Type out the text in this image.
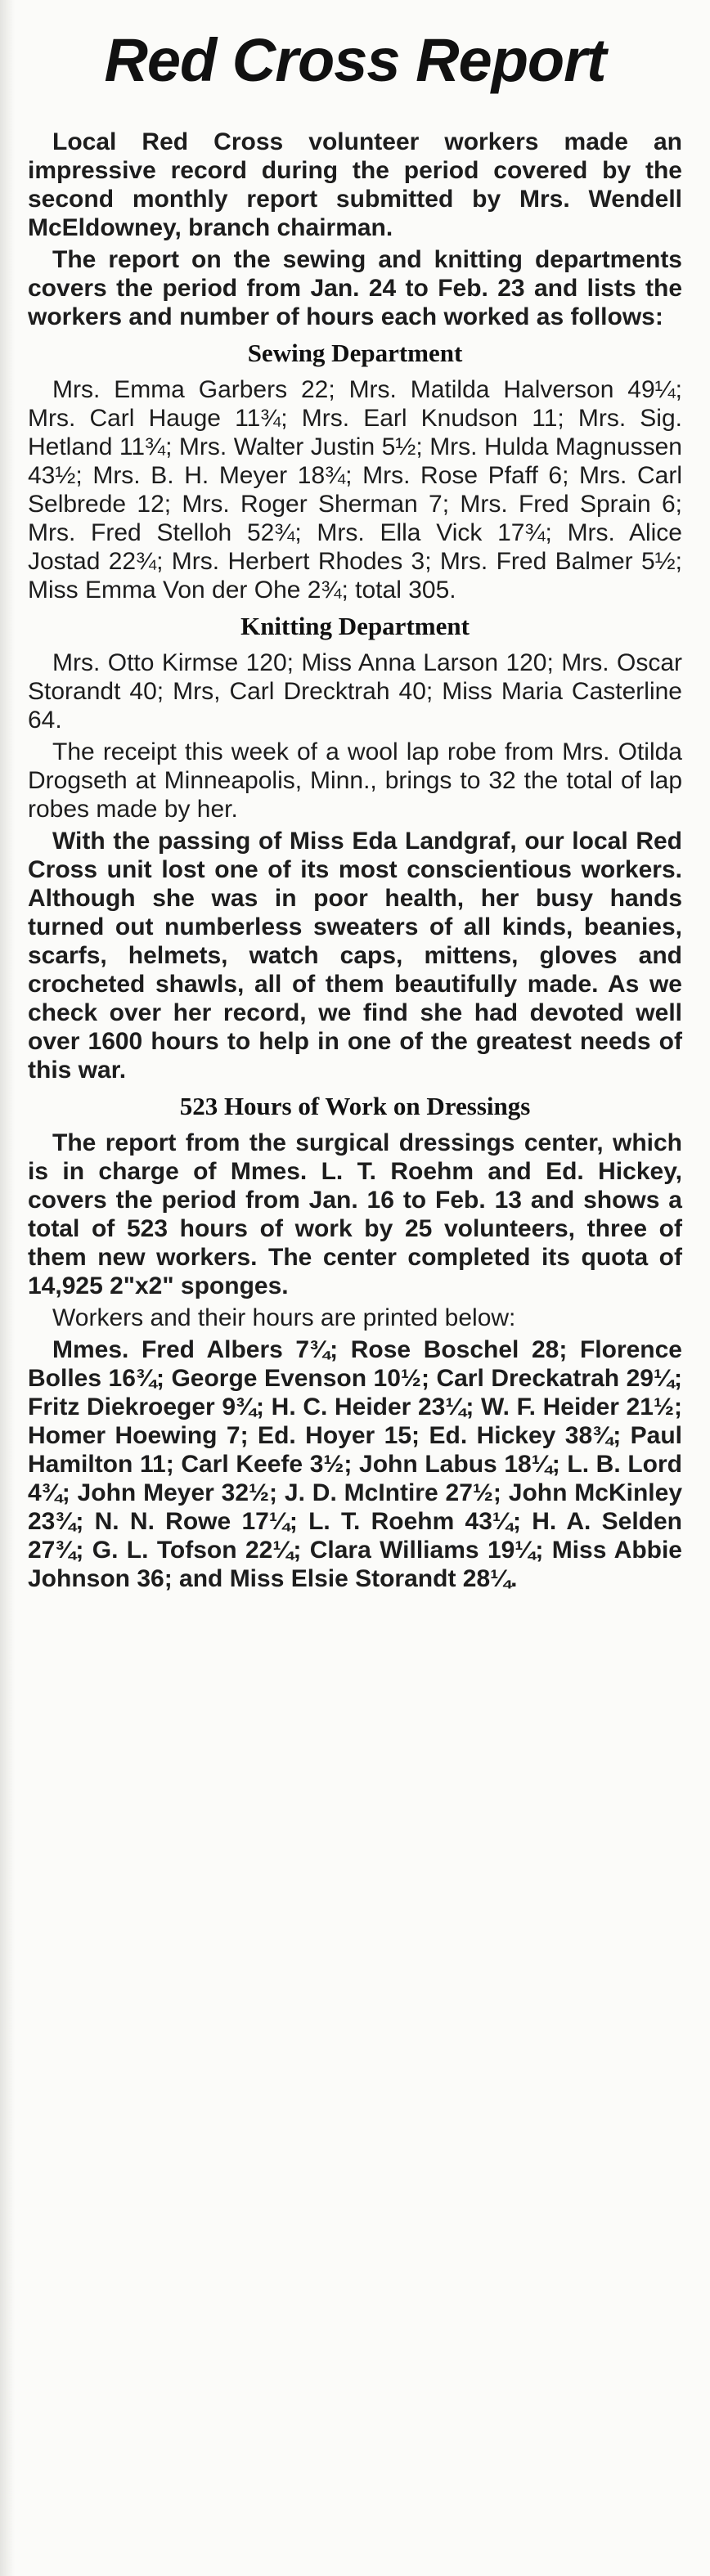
Red Cross Report

Local Red Cross volunteer workers made an impressive record during the period covered by the second monthly report submitted by Mrs. Wendell McEldowney, branch chairman.

The report on the sewing and knitting departments covers the period from Jan. 24 to Feb. 23 and lists the workers and number of hours each worked as follows:

Sewing Department

Mrs. Emma Garbers 22; Mrs. Matilda Halverson 49¼; Mrs. Carl Hauge 11¾; Mrs. Earl Knudson 11; Mrs. Sig. Hetland 11¾; Mrs. Walter Justin 5½; Mrs. Hulda Magnussen 43½; Mrs. B. H. Meyer 18¾; Mrs. Rose Pfaff 6; Mrs. Carl Selbrede 12; Mrs. Roger Sherman 7; Mrs. Fred Sprain 6; Mrs. Fred Stelloh 52¾; Mrs. Ella Vick 17¾; Mrs. Alice Jostad 22¾; Mrs. Herbert Rhodes 3; Mrs. Fred Balmer 5½; Miss Emma Von der Ohe 2¾; total 305.

Knitting Department

Mrs. Otto Kirmse 120; Miss Anna Larson 120; Mrs. Oscar Storandt 40; Mrs, Carl Drecktrah 40; Miss Maria Casterline 64.

The receipt this week of a wool lap robe from Mrs. Otilda Drogseth at Minneapolis, Minn., brings to 32 the total of lap robes made by her.

With the passing of Miss Eda Landgraf, our local Red Cross unit lost one of its most conscientious workers. Although she was in poor health, her busy hands turned out numberless sweaters of all kinds, beanies, scarfs, helmets, watch caps, mittens, gloves and crocheted shawls, all of them beautifully made. As we check over her record, we find she had devoted well over 1600 hours to help in one of the greatest needs of this war.

523 Hours of Work on Dressings

The report from the surgical dressings center, which is in charge of Mmes. L. T. Roehm and Ed. Hickey, covers the period from Jan. 16 to Feb. 13 and shows a total of 523 hours of work by 25 volunteers, three of them new workers. The center completed its quota of 14,925 2"x2" sponges.

Workers and their hours are printed below:

Mmes. Fred Albers 7¾; Rose Boschel 28; Florence Bolles 16¾; George Evenson 10½; Carl Dreckatrah 29¼; Fritz Diekroeger 9¾; H. C. Heider 23¼; W. F. Heider 21½; Homer Hoewing 7; Ed. Hoyer 15; Ed. Hickey 38¾; Paul Hamilton 11; Carl Keefe 3½; John Labus 18¼; L. B. Lord 4¾; John Meyer 32½; J. D. McIntire 27½; John McKinley 23¾; N. N. Rowe 17¼; L. T. Roehm 43¼; H. A. Selden 27¾; G. L. Tofson 22¼; Clara Williams 19¼; Miss Abbie Johnson 36; and Miss Elsie Storandt 28¼.
